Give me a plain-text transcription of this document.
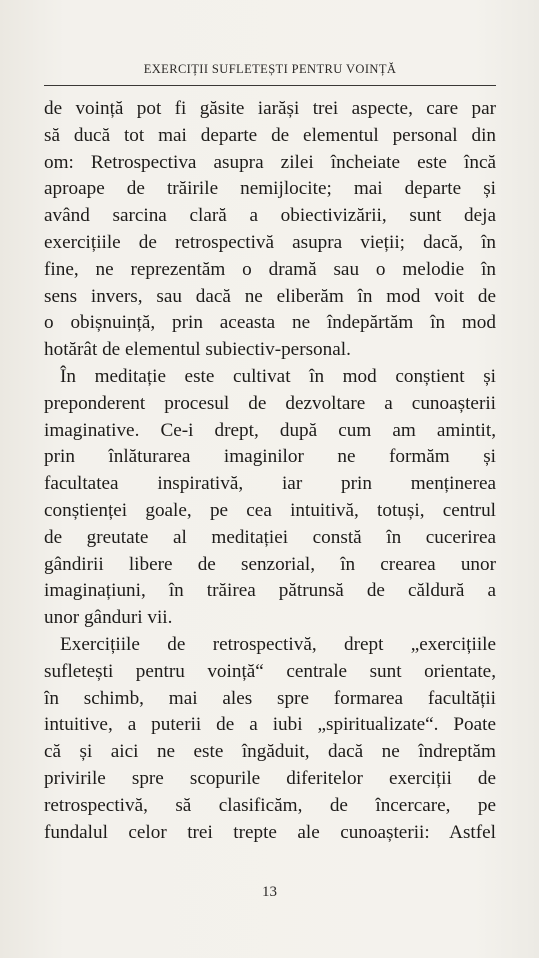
EXERCIȚII SUFLETEȘTI PENTRU VOINȚĂ
de voință pot fi găsite iarăși trei aspecte, care par
să ducă tot mai departe de elementul personal din
om: Retrospectiva asupra zilei încheiate este încă
aproape de trăirile nemijlocite; mai departe și
având sarcina clară a obiectivizării, sunt deja
exercițiile de retrospectivă asupra vieții; dacă, în
fine, ne reprezentăm o dramă sau o melodie în
sens invers, sau dacă ne eliberăm în mod voit de
o obișnuință, prin aceasta ne îndepărtăm în mod
hotărât de elementul subiectiv-personal.
În meditație este cultivat în mod conștient și
preponderent procesul de dezvoltare a cunoașterii
imaginative. Ce-i drept, după cum am amintit,
prin înlăturarea imaginilor ne formăm și
facultatea inspirativă, iar prin menținerea
conștienței goale, pe cea intuitivă, totuși, centrul
de greutate al meditației constă în cucerirea
gândirii libere de senzorial, în crearea unor
imaginațiuni, în trăirea pătrunsă de căldură a
unor gânduri vii.
Exercițiile de retrospectivă, drept „exercițiile
sufletești pentru voință“ centrale sunt orientate,
în schimb, mai ales spre formarea facultății
intuitive, a puterii de a iubi „spiritualizate“. Poate
că și aici ne este îngăduit, dacă ne îndreptăm
privirile spre scopurile diferitelor exerciții de
retrospectivă, să clasificăm, de încercare, pe
fundalul celor trei trepte ale cunoașterii: Astfel
13
